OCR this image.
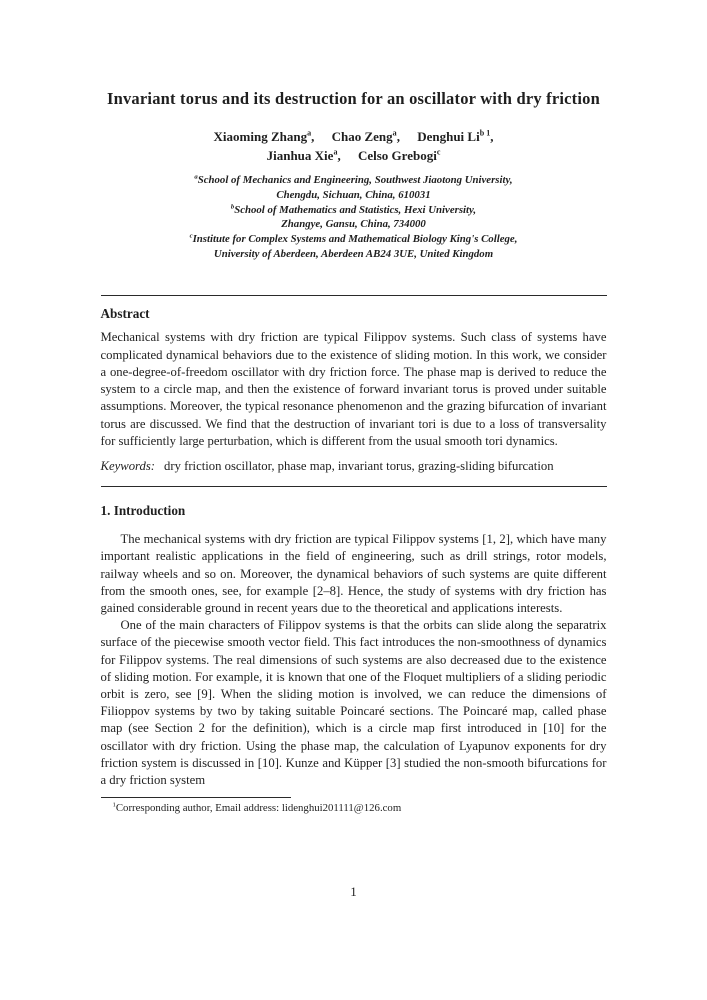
Invariant torus and its destruction for an oscillator with dry friction
Xiaoming Zhang$^a$, Chao Zeng$^a$, Denghui Li$^{b 1}$,
Jianhua Xie$^a$, Celso Grebogi$^c$
$^a$School of Mechanics and Engineering, Southwest Jiaotong University,
Chengdu, Sichuan, China, 610031
$^b$School of Mathematics and Statistics, Hexi University,
Zhangye, Gansu, China, 734000
$^c$Institute for Complex Systems and Mathematical Biology King's College,
University of Aberdeen, Aberdeen AB24 3UE, United Kingdom
Abstract

Mechanical systems with dry friction are typical Filippov systems. Such class of systems have complicated dynamical behaviors due to the existence of sliding motion. In this work, we consider a one-degree-of-freedom oscillator with dry friction force. The phase map is derived to reduce the system to a circle map, and then the existence of forward invariant torus is proved under suitable assumptions. Moreover, the typical resonance phenomenon and the grazing bifurcation of invariant torus are discussed. We find that the destruction of invariant tori is due to a loss of transversality for sufficiently large perturbation, which is different from the usual smooth tori dynamics.

Keywords: dry friction oscillator, phase map, invariant torus, grazing-sliding bifurcation

1. Introduction

The mechanical systems with dry friction are typical Filippov systems [1, 2], which have many important realistic applications in the field of engineering, such as drill strings, rotor models, railway wheels and so on. Moreover, the dynamical behaviors of such systems are quite different from the smooth ones, see, for example [2–8]. Hence, the study of systems with dry friction has gained considerable ground in recent years due to the theoretical and applications interests.

One of the main characters of Filippov systems is that the orbits can slide along the separatrix surface of the piecewise smooth vector field. This fact introduces the non-smoothness of dynamics for Filippov systems. The real dimensions of such systems are also decreased due to the existence of sliding motion. For example, it is known that one of the Floquet multipliers of a sliding periodic orbit is zero, see [9]. When the sliding motion is involved, we can reduce the dimensions of Filioppov systems by two by taking suitable Poincaré sections. The Poincaré map, called phase map (see Section 2 for the definition), which is a circle map first introduced in [10] for the oscillator with dry friction. Using the phase map, the calculation of Lyapunov exponents for dry friction system is discussed in [10]. Kunze and Küpper [3] studied the non-smooth bifurcations for a dry friction system

$^1$Corresponding author, Email address: lidenghui201111@126.com
1
